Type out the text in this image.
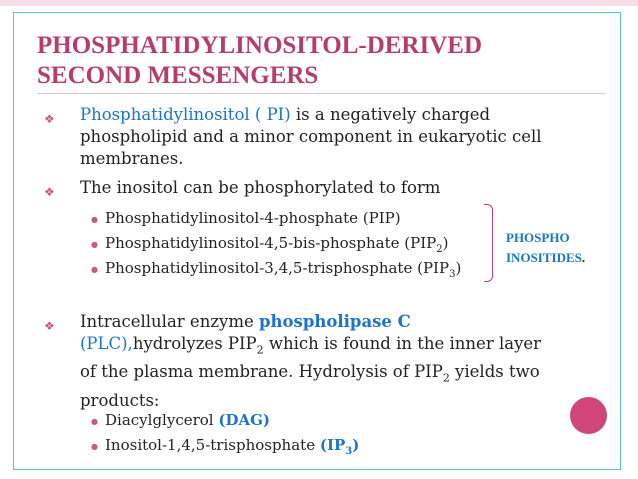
PHOSPHATIDYLINOSITOL-DERIVED
SECOND MESSENGERS
❖ Phosphatidylinositol ( PI) is a negatively charged
phospholipid and a minor component in eukaryotic cell
membranes.
❖ The inositol can be phosphorylated to form
● Phosphatidylinositol-4-phosphate (PIP)
● Phosphatidylinositol-4,5-bis-phosphate $(PIP_2)$
● Phosphatidylinositol-3,4,5-trisphosphate $(PIP_3)$
PHOSPHO
INOSITIDES.
❖ Intracellular enzyme phospholipase C
(PLC),hydrolyzes $PIP_2$ which is found in the inner layer
of the plasma membrane. Hydrolysis of $PIP_2$ yields two
products:
● Diacylglycerol (DAG)
● Inositol-1,4,5-trisphosphate $(IP_3)$
